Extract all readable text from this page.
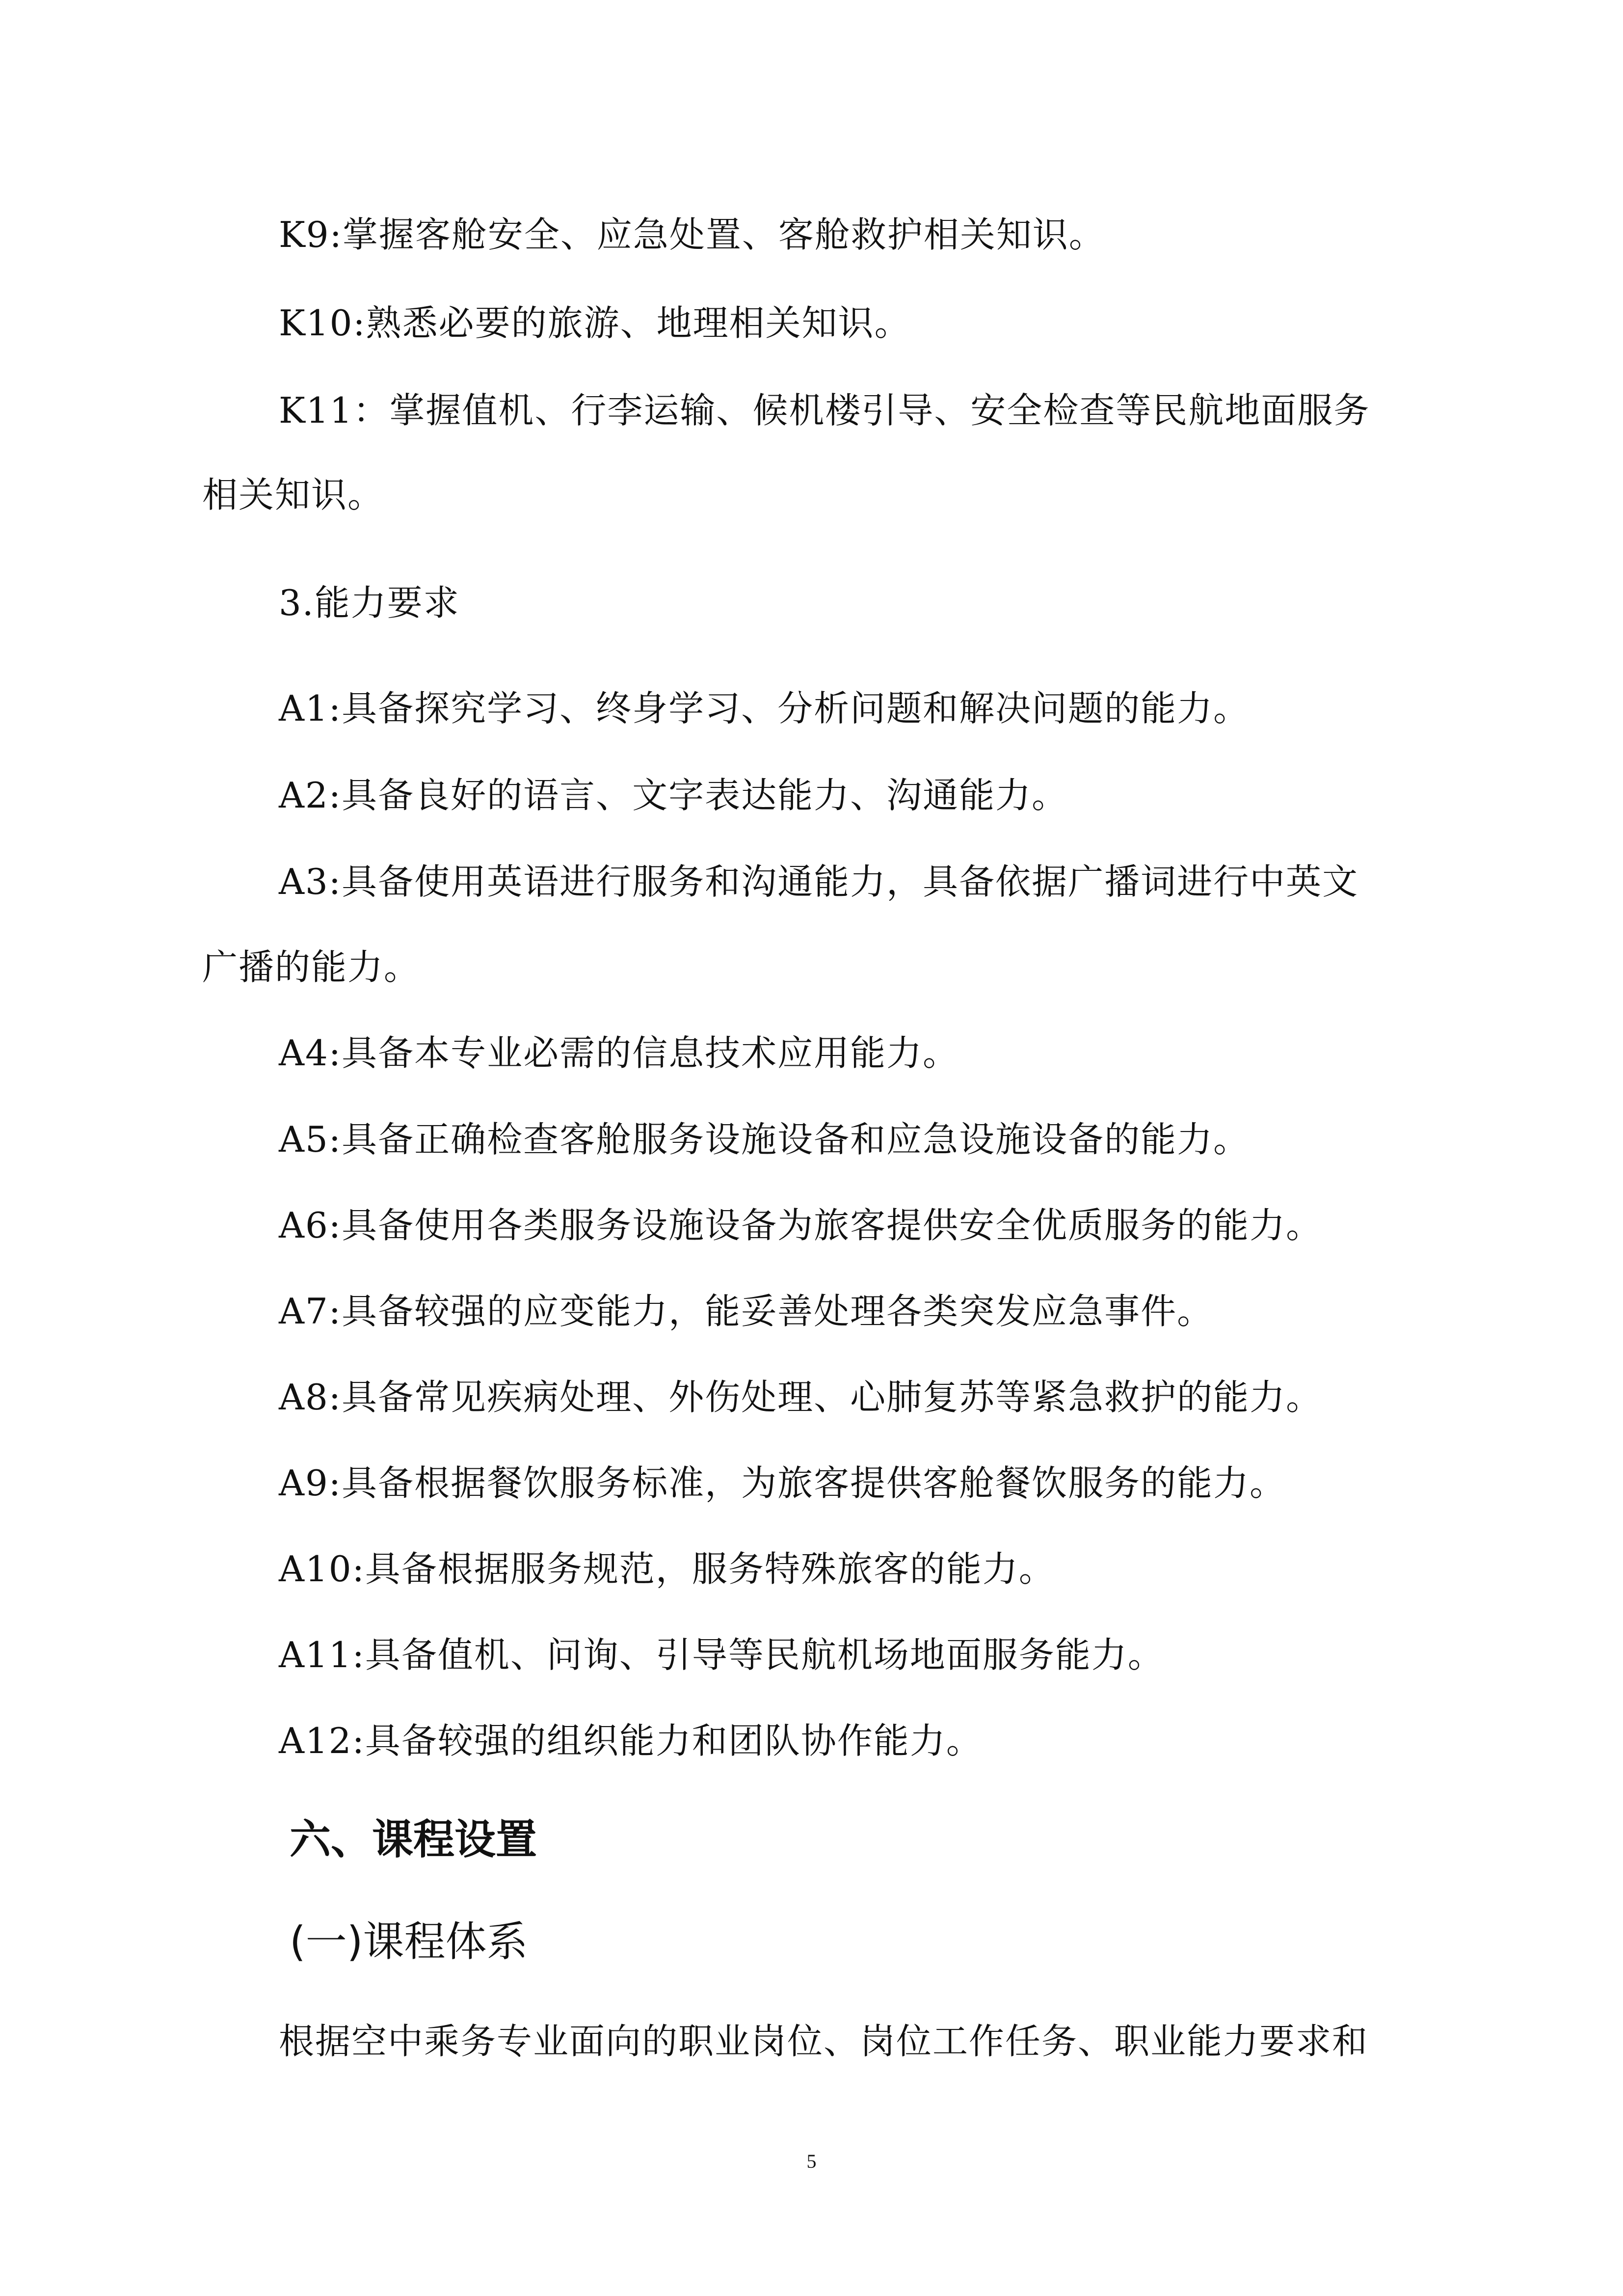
K9:掌握客舱安全、应急处置、客舱救护相关知识。
K10:熟悉必要的旅游、地理相关知识。
K11：掌握值机、行李运输、候机楼引导、安全检查等民航地面服务
相关知识。
3.能力要求
A1:具备探究学习、终身学习、分析问题和解决问题的能力。
A2:具备良好的语言、文字表达能力、沟通能力。
A3:具备使用英语进行服务和沟通能力，具备依据广播词进行中英文
广播的能力。
A4:具备本专业必需的信息技术应用能力。
A5:具备正确检查客舱服务设施设备和应急设施设备的能力。
A6:具备使用各类服务设施设备为旅客提供安全优质服务的能力。
A7:具备较强的应变能力，能妥善处理各类突发应急事件。
A8:具备常见疾病处理、外伤处理、心肺复苏等紧急救护的能力。
A9:具备根据餐饮服务标准，为旅客提供客舱餐饮服务的能力。
A10:具备根据服务规范，服务特殊旅客的能力。
A11:具备值机、问询、引导等民航机场地面服务能力。
A12:具备较强的组织能力和团队协作能力。
六、课程设置
(一)课程体系
根据空中乘务专业面向的职业岗位、岗位工作任务、职业能力要求和
5
